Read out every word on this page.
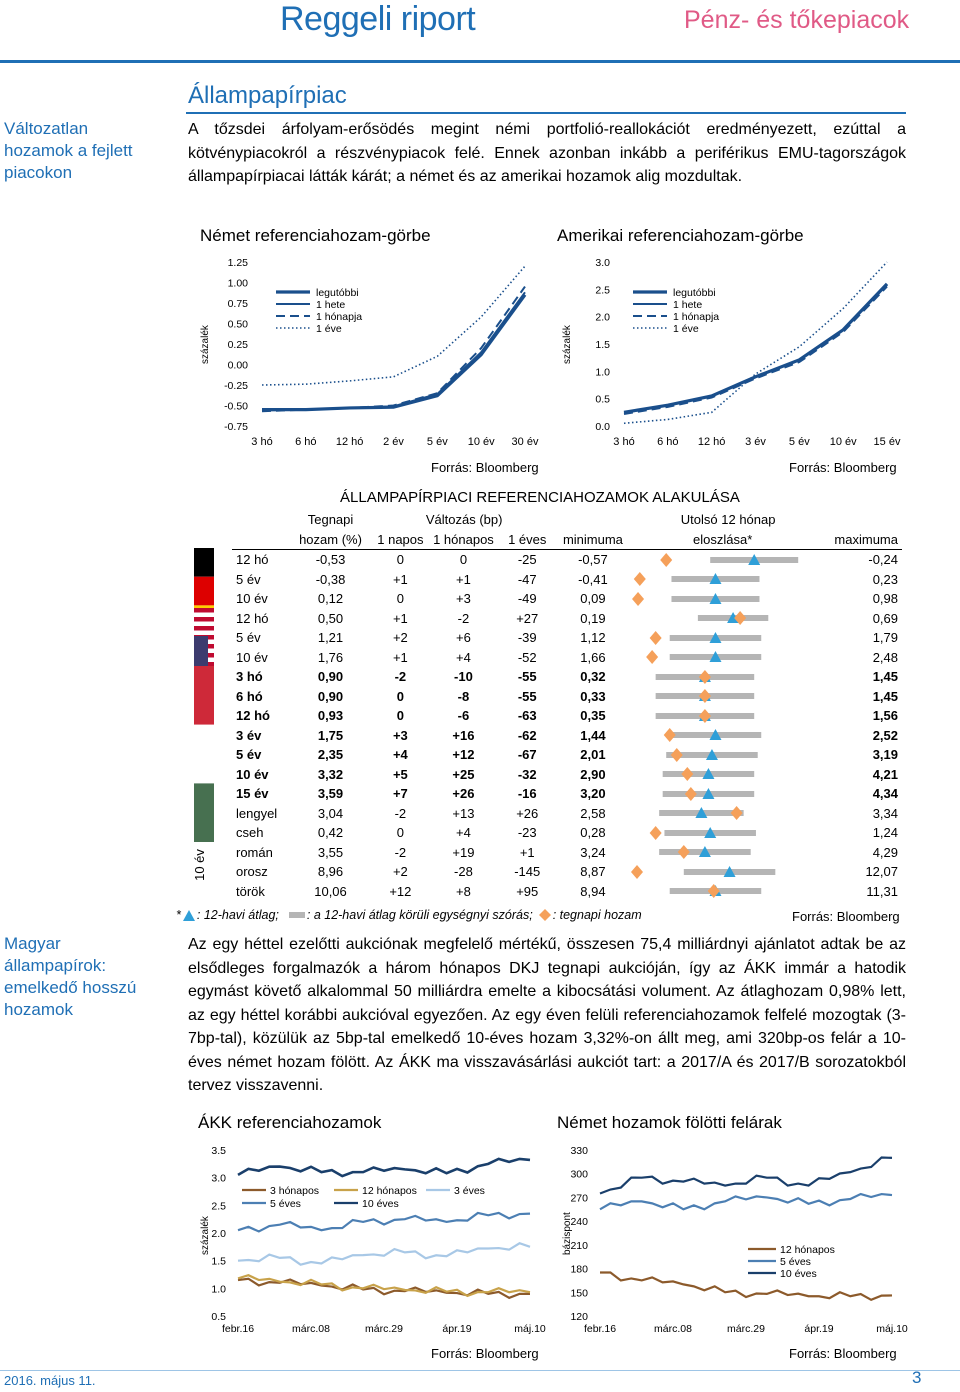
Reggeli riport	Pénz- és tőkepiacok
Változatlan
hozamok a fejlett
piacokon
Magyar
állampapírok:
emelkedő hosszú
hozamok
Állampapírpiac
A tőzsdei árfolyam-erősödés megint némi portfolió-reallokációt eredményezett, ezúttal a kötvénypiacokról a részvénypiacok felé. Ennek azonban inkább a periférikus EMU-tagországok állampapírpiacai látták kárát; a német és az amerikai hozamok alig mozdultak.
Német referenciahozam-görbe	Amerikai referenciahozam-görbe
százalék
1.25
1.00
0.75
0.50
0.25
0.00
-0.25
-0.50
-0.75
3 hó 6 hó 12 hó 2 év 5 év 10 év 30 év
legutóbbi
1 hete
1 hónapja
1 éve	százalék
3.0
2.5
2.0
1.5
1.0
0.5
0.0
3 hó 6 hó 12 hó 3 év 5 év 10 év 15 év
legutóbbi
1 hete
1 hónapja
1 éve
Forrás: Bloomberg	Forrás: Bloomberg
ÁLLAMPAPÍRPIACI REFERENCIAHOZAMOK ALAKULÁSA
10 év
	Tegnapi	Változás (bp)				Utolsó 12 hónap	
	hozam (%)	1 napos	1 hónapos	1 éves	minimuma	eloszlása*	maximuma
12 hó	-0,53	0	0	-25	-0,57		-0,24
5 év	-0,38	+1	+1	-47	-0,41		0,23
10 év	0,12	0	+3	-49	0,09		0,98
12 hó	0,50	+1	-2	+27	0,19		0,69
5 év	1,21	+2	+6	-39	1,12		1,79
10 év	1,76	+1	+4	-52	1,66		2,48
3 hó	0,90	-2	-10	-55	0,32		1,45
6 hó	0,90	0	-8	-55	0,33		1,45
12 hó	0,93	0	-6	-63	0,35		1,56
3 év	1,75	+3	+16	-62	1,44		2,52
5 év	2,35	+4	+12	-67	2,01		3,19
10 év	3,32	+5	+25	-32	2,90		4,21
15 év	3,59	+7	+26	-16	3,20		4,34
lengyel	3,04	-2	+13	+26	2,58		3,34
cseh	0,42	0	+4	-23	0,28		1,24
román	3,55	-2	+19	+1	3,24		4,29
orosz	8,96	+2	-28	-145	8,87		12,07
török	10,06	+12	+8	+95	8,94		11,31
* : 12-havi átlag; : a 12-havi átlag körüli egységnyi szórás; : tegnapi hozam	Forrás: Bloomberg
Az egy héttel ezelőtti aukciónak megfelelő mértékű, összesen 75,4 milliárdnyi ajánlatot adtak be az elsődleges forgalmazók a három hónapos DKJ tegnapi aukcióján, így az ÁKK immár a hatodik egymást követő alkalommal 50 milliárdra emelte a kibocsátási volument. Az átlaghozam 0,98% lett, az egy héttel korábbi aukcióval egyezően. Az egy éven felüli referenciahozamok felfelé mozogtak (3-7bp-tal), közülük az 5bp-tal emelkedő 10-éves hozam 3,32%-on állt meg, ami 320bp-os felár a 10-éves német hozam fölött. Az ÁKK ma visszavásárlási aukciót tart: a 2017/A és 2017/B sorozatokból tervez visszavenni.
ÁKK referenciahozamok	Német hozamok fölötti felárak
százalék
3.5
3.0
2.5
2.0
1.5
1.0
0.5
febr.16	márc.08	márc.29	ápr.19	máj.10
3 hónapos	12 hónapos	3 éves
5 éves	10 éves
bázispont
330
300
270
240
210
180
150
120
febr.16	márc.08	márc.29	ápr.19	máj.10
12 hónapos
5 éves
10 éves
Forrás: Bloomberg	Forrás: Bloomberg
2016. május 11.	3
